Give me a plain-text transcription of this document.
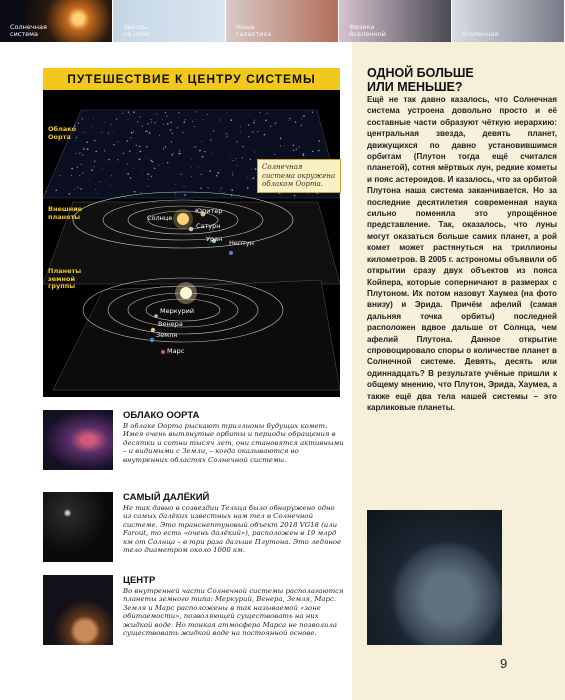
Солнечная
система
Звёзды
на небе
Наша
галактика
Физика
Вселенной	Вселенная
ПУТЕШЕСТВИЕ К ЦЕНТРУ СИСТЕМЫ
Облако
Оорта
Внешние
планеты
Планеты
земной
группы
Солнце
Юпитер
Сатурн
Уран Нептун
Меркурий
Венера
Земля
Марс
Солнечная система окружена облаком Оорта.
ОБЛАКО ООРТА
В облаке Оорта рыскают триллионы будущих комет. Имея очень вытянутые орбиты и периоды обращения в десятки и сотни тысяч лет, они становятся активными – и видимыми с Земли, – когда оказываются во внутренних областях Солнечной системы.
САМЫЙ ДАЛЁКИЙ
Не так давно в созвездии Тельца было обнаружено одно из самых далёких известных нам тел в Солнечной системе. Это транснептуновый объект 2018 VG18 (или Farout, то есть «очень далёкий»), расположен в 19 млрд км от Солнца – в три раза дальше Плутона. Это ледяное тело диаметром около 1000 км.
ЦЕНТР
Во внутренней части Солнечной системы располагаются планеты земного типа: Меркурий, Венера, Земля, Марс. Земля и Марс расположены в так называемой «зоне обитаемости», позволяющей существовать на них жидкой воде. Но тонкая атмосфера Марса не позволила существовать жидкой воде на постоянной основе.
ОДНОЙ БОЛЬШЕ
ИЛИ МЕНЬШЕ?
Ещё не так давно казалось, что Солнечная система устроена довольно просто и её составные части образуют чёткую иерархию: центральная звезда, девять планет, движущихся по давно установившимся орбитам (Плутон тогда ещё считался планетой), сотня мёртвых лун, редкие кометы и пояс астероидов. И казалось, что за орбитой Плутона наша система заканчивается. Но за последние десятилетия современная наука сильно поменяла это упрощённое представление. Так, оказалось, что луны могут оказаться больше самих планет, а рой комет может растянуться на триллионы километров. В 2005 г. астрономы объявили об открытии сразу двух объектов из пояса Койпера, которые соперничают в размерах с Плутоном. Их потом назовут Хаумеа (на фото внизу) и Эрида. Причём афелий (самая дальняя точка орбиты) последней расположен вдвое дальше от Солнца, чем афелий Плутона. Данное открытие спровоцировало споры о количестве планет в Солнечной системе. Девять, десять или одиннадцать? В результате учёные пришли к общему мнению, что Плутон, Эрида, Хаумеа, а также ещё два тела нашей системы – это карликовые планеты.
9
